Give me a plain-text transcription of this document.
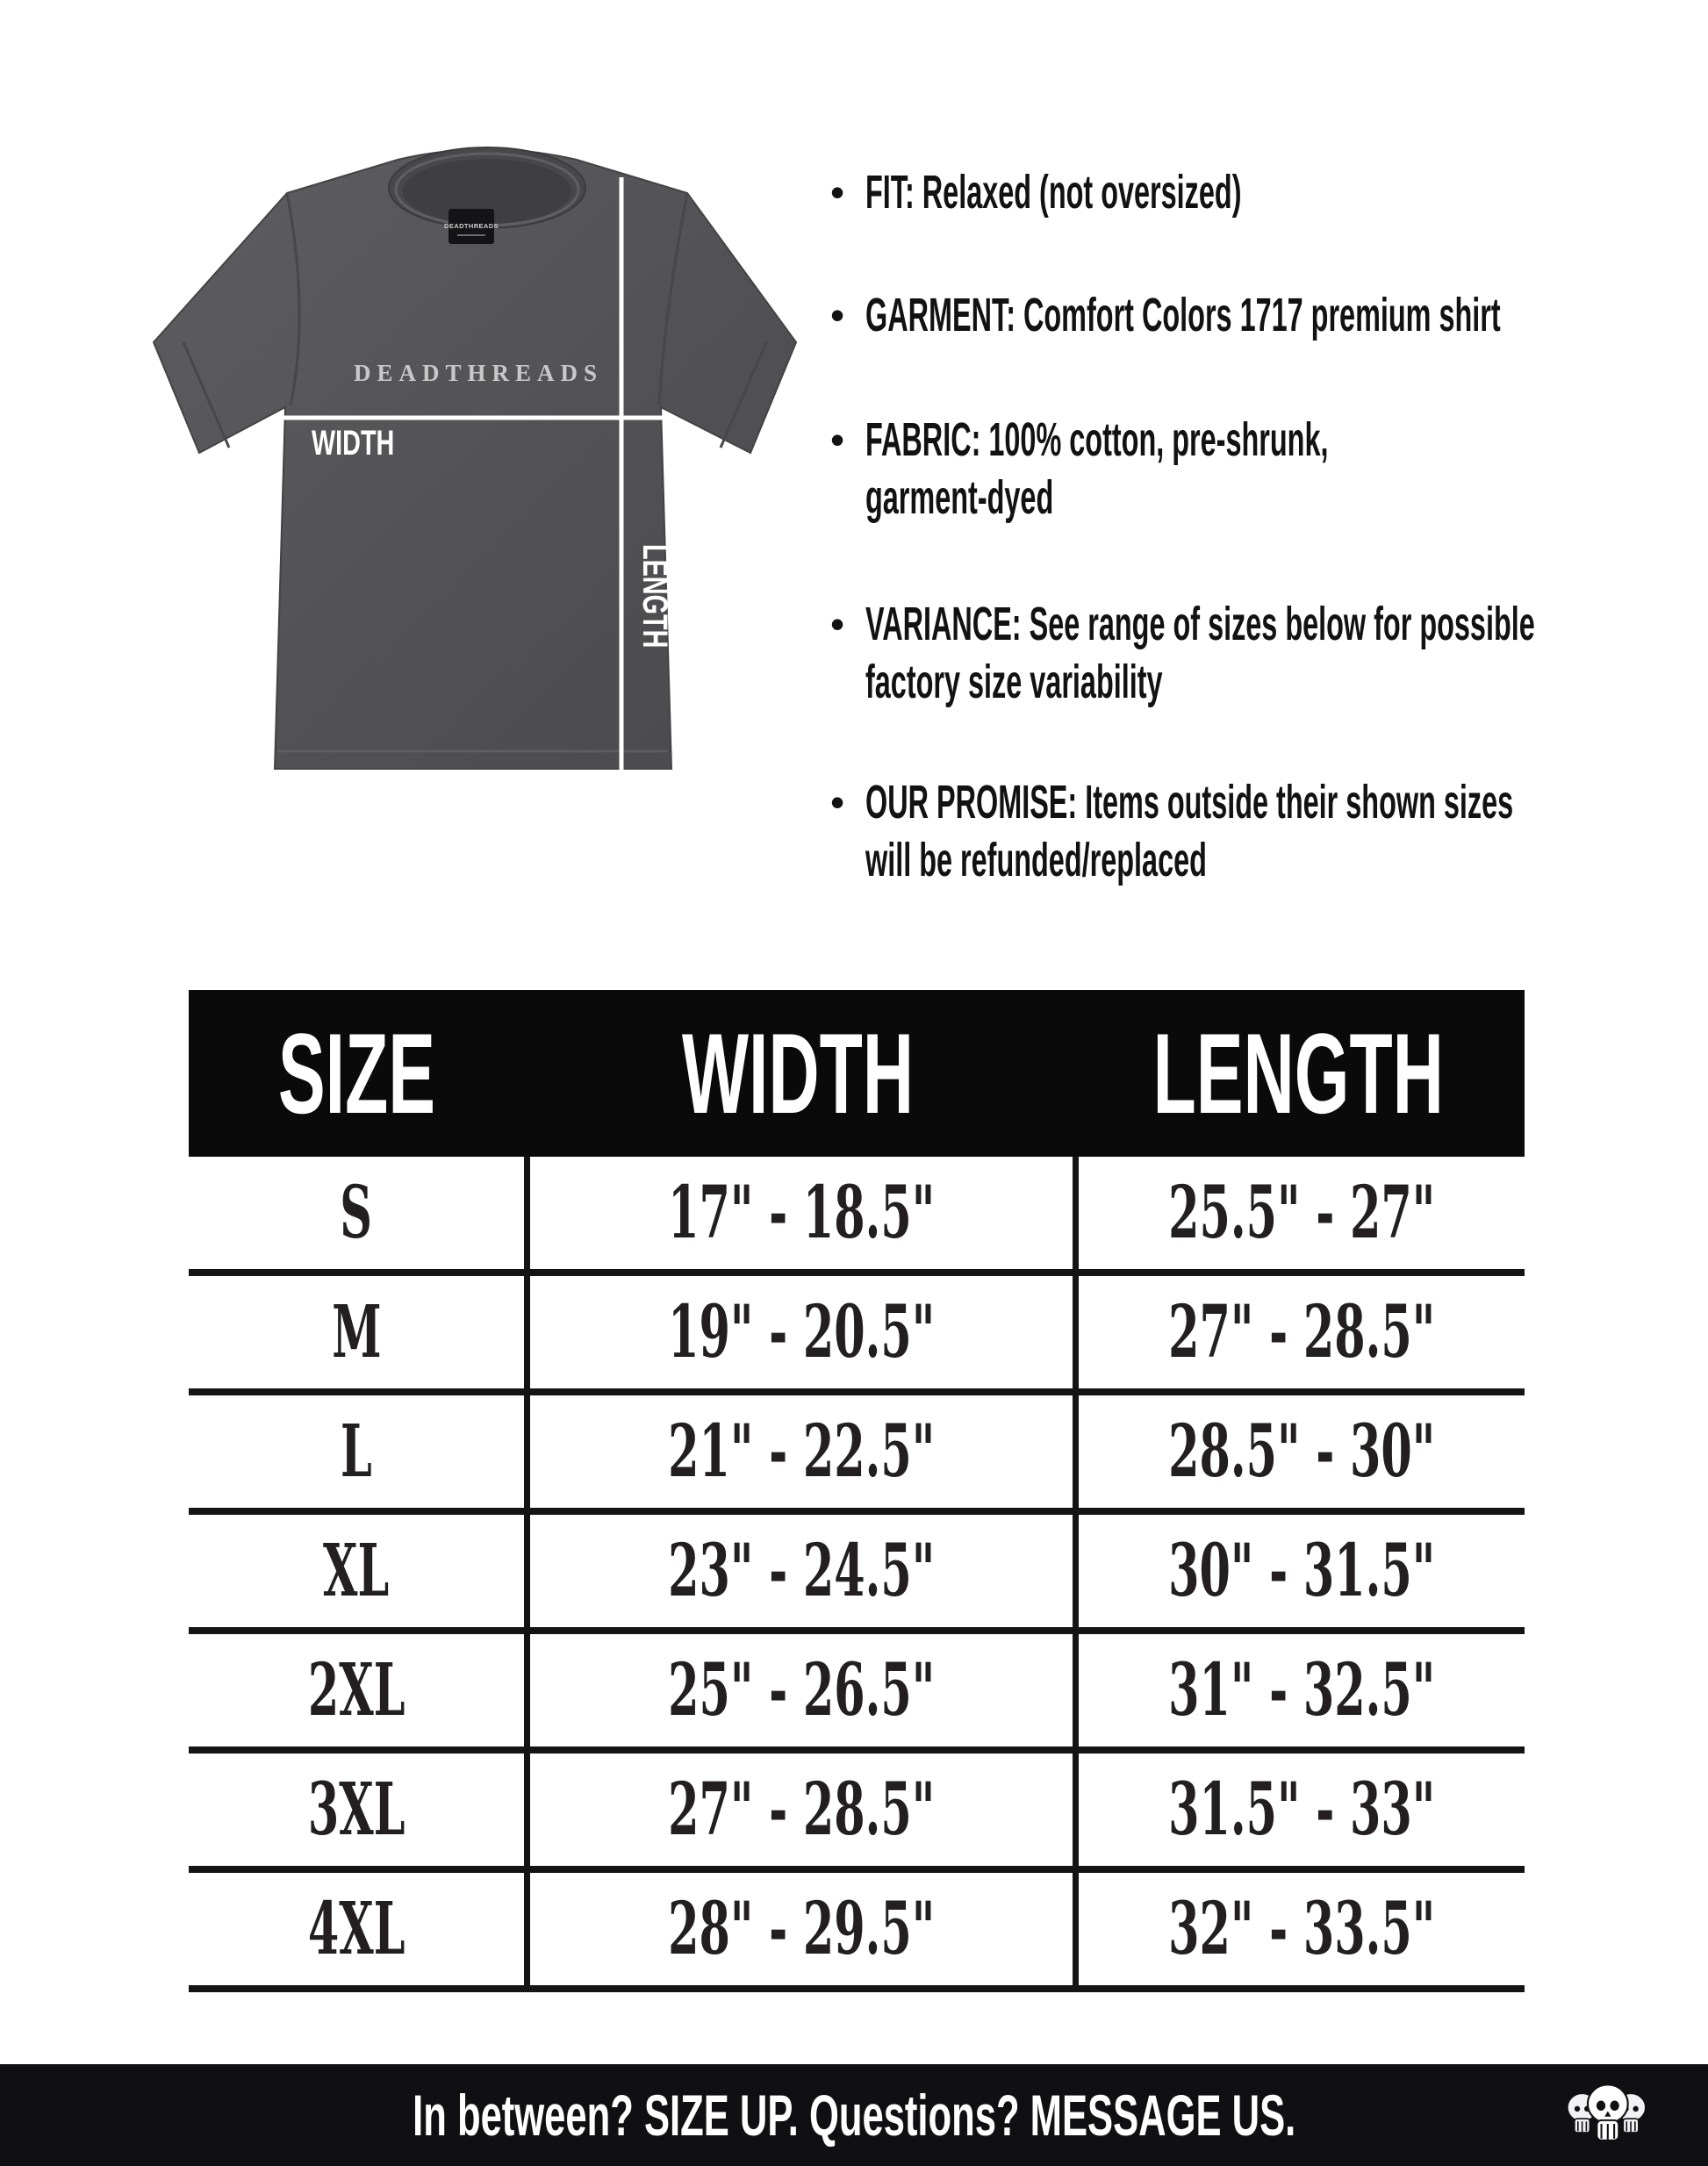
DEADTHREADS
DEADTHREADS
WIDTH
LENGTH
• FIT: Relaxed (not oversized)
• GARMENT: Comfort Colors 1717 premium shirt
• FABRIC: 100% cotton, pre-shrunk,
garment-dyed
• VARIANCE: See range of sizes below for possible
factory size variability
• OUR PROMISE: Items outside their shown sizes
will be refunded/replaced
SIZE WIDTH LENGTH
S	17" - 18.5"	25.5" - 27"
M	19" - 20.5"	27" - 28.5"
L	21" - 22.5"	28.5" - 30"
XL	23" - 24.5"	30" - 31.5"
2XL	25" - 26.5"	31" - 32.5"
3XL	27" - 28.5"	31.5" - 33"
4XL	28" - 29.5"	32" - 33.5"
In between? SIZE UP. Questions? MESSAGE US.
